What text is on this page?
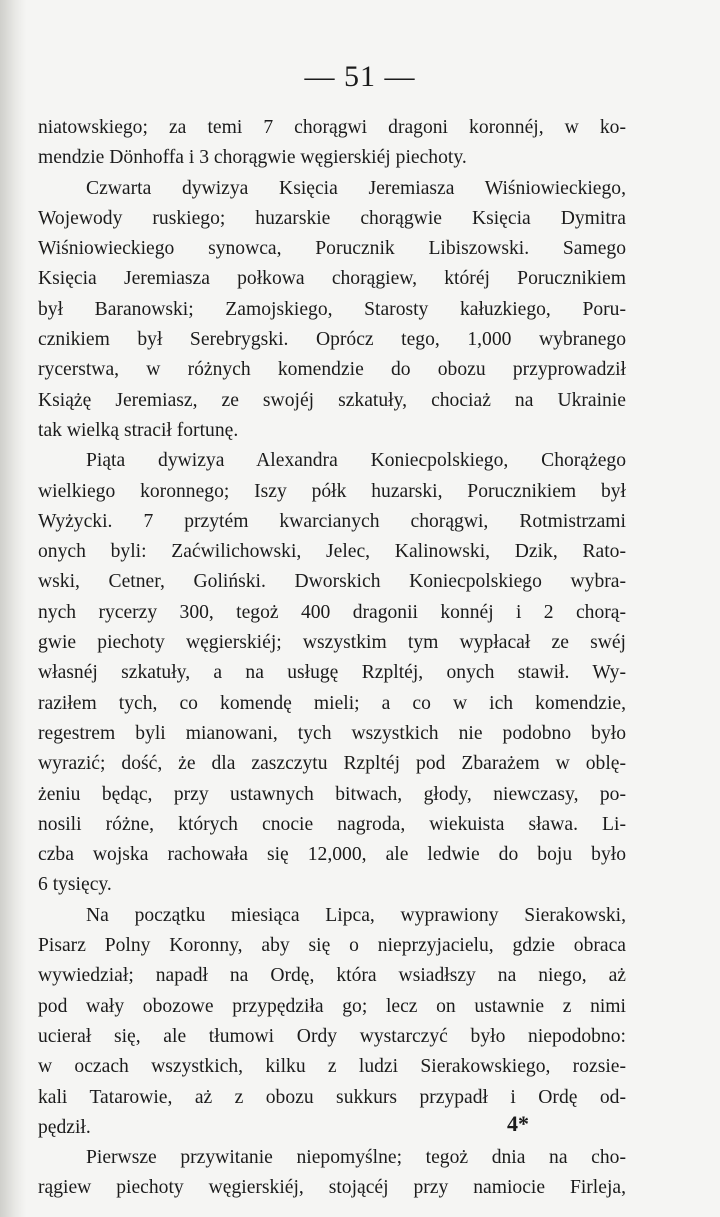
— 51 —
niatowskiego; za temi 7 chorągwi dragoni koronnéj, w ko-
mendzie Dönhoffa i 3 chorągwie węgierskiéj piechoty.
Czwarta dywizya Księcia Jeremiasza Wiśniowieckiego,
Wojewody ruskiego; huzarskie chorągwie Księcia Dymitra
Wiśniowieckiego synowca, Porucznik Libiszowski. Samego
Księcia Jeremiasza połkowa chorągiew, któréj Porucznikiem
był Baranowski; Zamojskiego, Starosty kałuzkiego, Poru-
cznikiem był Serebrygski. Oprócz tego, 1,000 wybranego
rycerstwa, w różnych komendzie do obozu przyprowadził
Książę Jeremiasz, ze swojéj szkatuły, chociaż na Ukrainie
tak wielką stracił fortunę.
Piąta dywizya Alexandra Koniecpolskiego, Chorążego
wielkiego koronnego; Iszy półk huzarski, Porucznikiem był
Wyżycki. 7 przytém kwarcianych chorągwi, Rotmistrzami
onych byli: Zaćwilichowski, Jelec, Kalinowski, Dzik, Rato-
wski, Cetner, Goliński. Dworskich Koniecpolskiego wybra-
nych rycerzy 300, tegoż 400 dragonii konnéj i 2 chorą-
gwie piechoty węgierskiéj; wszystkim tym wypłacał ze swéj
własnéj szkatuły, a na usługę Rzpltéj, onych stawił. Wy-
raziłem tych, co komendę mieli; a co w ich komendzie,
regestrem byli mianowani, tych wszystkich nie podobno było
wyrazić; dość, że dla zaszczytu Rzpltéj pod Zbarażem w oblę-
żeniu będąc, przy ustawnych bitwach, głody, niewczasy, po-
nosili różne, których cnocie nagroda, wiekuista sława. Li-
czba wojska rachowała się 12,000, ale ledwie do boju było
6 tysięcy.
Na początku miesiąca Lipca, wyprawiony Sierakowski,
Pisarz Polny Koronny, aby się o nieprzyjacielu, gdzie obraca
wywiedział; napadł na Ordę, która wsiadłszy na niego, aż
pod wały obozowe przypędziła go; lecz on ustawnie z nimi
ucierał się, ale tłumowi Ordy wystarczyć było niepodobno:
w oczach wszystkich, kilku z ludzi Sierakowskiego, rozsie-
kali Tatarowie, aż z obozu sukkurs przypadł i Ordę od-
pędził.
Pierwsze przywitanie niepomyślne; tegoż dnia na cho-
rągiew piechoty węgierskiéj, stojącéj przy namiocie Firleja,
4*
